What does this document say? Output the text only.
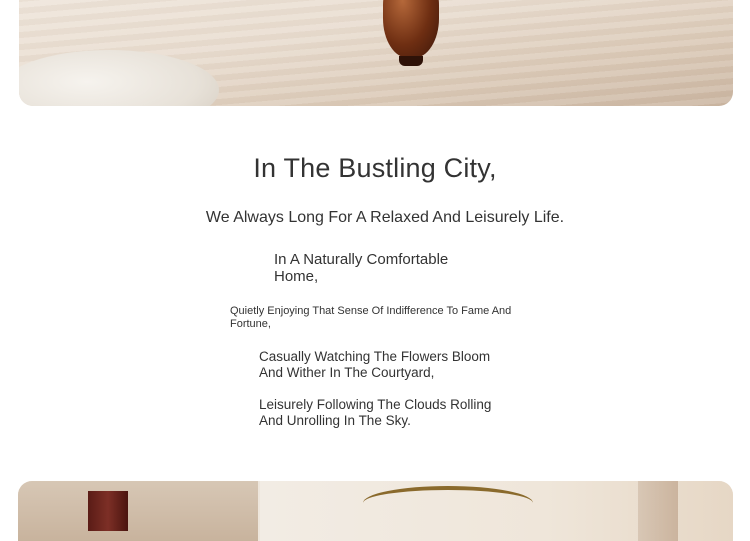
In The Bustling City,
We Always Long For A Relaxed And Leisurely Life.
In A Naturally Comfortable Home,
Quietly Enjoying That Sense Of Indifference To Fame And Fortune,
Casually Watching The Flowers Bloom And Wither In The Courtyard,
Leisurely Following The Clouds Rolling And Unrolling In The Sky.
